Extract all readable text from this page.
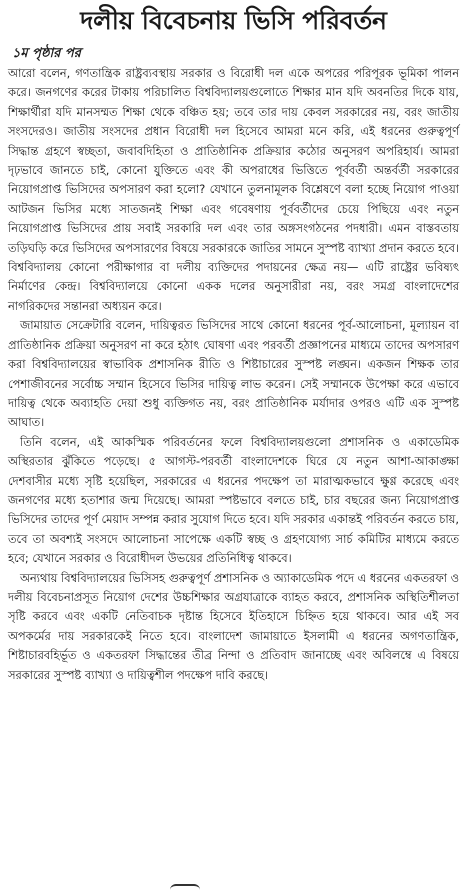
দলীয় বিবেচনায় ভিসি পরিবর্তন
১ম পৃষ্ঠার পর

আরো বলেন, গণতান্ত্রিক রাষ্ট্রব্যবস্থায় সরকার ও বিরোধী দল একে অপরের পরিপূরক ভূমিকা পালন করে। জনগণের করের টাকায় পরিচালিত বিশ্ববিদ্যালয়গুলোতে শিক্ষার মান যদি অবনতির দিকে যায়, শিক্ষার্থীরা যদি মানসম্মত শিক্ষা থেকে বঞ্চিত হয়; তবে তার দায় কেবল সরকারের নয়, বরং জাতীয় সংসদেরও। জাতীয় সংসদের প্রধান বিরোধী দল হিসেবে আমরা মনে করি, এই ধরনের গুরুত্বপূর্ণ সিদ্ধান্ত গ্রহণে স্বচ্ছতা, জবাবদিহিতা ও প্রাতিষ্ঠানিক প্রক্রিয়ার কঠোর অনুসরণ অপরিহার্য। আমরা দৃঢ়ভাবে জানতে চাই, কোনো যুক্তিতে এবং কী অপরাধের ভিত্তিতে পূর্ববর্তী অন্তর্বর্তী সরকারের নিয়োগপ্রাপ্ত ভিসিদের অপসারণ করা হলো? যেখানে তুলনামূলক বিশ্লেষণে বলা হচ্ছে নিয়োগ পাওয়া আটজন ভিসির মধ্যে সাতজনই শিক্ষা এবং গবেষণায় পূর্ববর্তীদের চেয়ে পিছিয়ে এবং নতুন নিয়োগপ্রাপ্ত ভিসিদের প্রায় সবাই সরকারি দল এবং তার অঙ্গসংগঠনের পদধারী। এমন বাস্তবতায় তড়িঘড়ি করে ভিসিদের অপসারণের বিষয়ে সরকারকে জাতির সামনে সুস্পষ্ট ব্যাখ্যা প্রদান করতে হবে। বিশ্ববিদ্যালয় কোনো পরীক্ষাগার বা দলীয় ব্যক্তিদের পদায়নের ক্ষেত্র নয়— এটি রাষ্ট্রের ভবিষ্যৎ নির্মাণের কেন্দ্র। বিশ্ববিদ্যালয়ে কোনো একক দলের অনুসারীরা নয়, বরং সমগ্র বাংলাদেশের নাগরিকদের সন্তানরা অধ্যয়ন করে।

জামায়াত সেক্রেটারি বলেন, দায়িত্বরত ভিসিদের সাথে কোনো ধরনের পূর্ব-আলোচনা, মূল্যায়ন বা প্রাতিষ্ঠানিক প্রক্রিয়া অনুসরণ না করে হঠাৎ ঘোষণা এবং পরবর্তী প্রজ্ঞাপনের মাধ্যমে তাদের অপসারণ করা বিশ্ববিদ্যালয়ের স্বাভাবিক প্রশাসনিক রীতি ও শিষ্টাচারের সুস্পষ্ট লঙ্ঘন। একজন শিক্ষক তার পেশাজীবনের সর্বোচ্চ সম্মান হিসেবে ভিসির দায়িত্ব লাভ করেন। সেই সম্মানকে উপেক্ষা করে এভাবে দায়িত্ব থেকে অব্যাহতি দেয়া শুধু ব্যক্তিগত নয়, বরং প্রাতিষ্ঠানিক মর্যাদার ওপরও এটি এক সুস্পষ্ট আঘাত।

তিনি বলেন, এই আকস্মিক পরিবর্তনের ফলে বিশ্ববিদ্যালয়গুলো প্রশাসনিক ও একাডেমিক অস্থিরতার ঝুঁকিতে পড়েছে। ৫ আগস্ট-পরবর্তী বাংলাদেশকে ঘিরে যে নতুন আশা-আকাঙ্ক্ষা দেশবাসীর মধ্যে সৃষ্টি হয়েছিল, সরকারের এ ধরনের পদক্ষেপ তা মারাত্মকভাবে ক্ষুণ্ণ করেছে এবং জনগণের মধ্যে হতাশার জন্ম দিয়েছে। আমরা স্পষ্টভাবে বলতে চাই, চার বছরের জন্য নিয়োগপ্রাপ্ত ভিসিদের তাদের পূর্ণ মেয়াদ সম্পন্ন করার সুযোগ দিতে হবে। যদি সরকার একান্তই পরিবর্তন করতে চায়, তবে তা অবশ্যই সংসদে আলোচনা সাপেক্ষে একটি স্বচ্ছ ও গ্রহণযোগ্য সার্চ কমিটির মাধ্যমে করতে হবে; যেখানে সরকার ও বিরোধীদল উভয়ের প্রতিনিধিত্ব থাকবে।

অন্যথায় বিশ্ববিদ্যালয়ের ভিসিসহ গুরুত্বপূর্ণ প্রশাসনিক ও অ্যাকাডেমিক পদে এ ধরনের একতরফা ও দলীয় বিবেচনাপ্রসূত নিয়োগ দেশের উচ্চশিক্ষার অগ্রযাত্রাকে ব্যাহত করবে, প্রশাসনিক অস্থিতিশীলতা সৃষ্টি করবে এবং একটি নেতিবাচক দৃষ্টান্ত হিসেবে ইতিহাসে চিহ্নিত হয়ে থাকবে। আর এই সব অপকর্মের দায় সরকারকেই নিতে হবে। বাংলাদেশ জামায়াতে ইসলামী এ ধরনের অগণতান্ত্রিক, শিষ্টাচারবহির্ভূত ও একতরফা সিদ্ধান্তের তীব্র নিন্দা ও প্রতিবাদ জানাচ্ছে এবং অবিলম্বে এ বিষয়ে সরকারের সুস্পষ্ট ব্যাখ্যা ও দায়িত্বশীল পদক্ষেপ দাবি করছে।
